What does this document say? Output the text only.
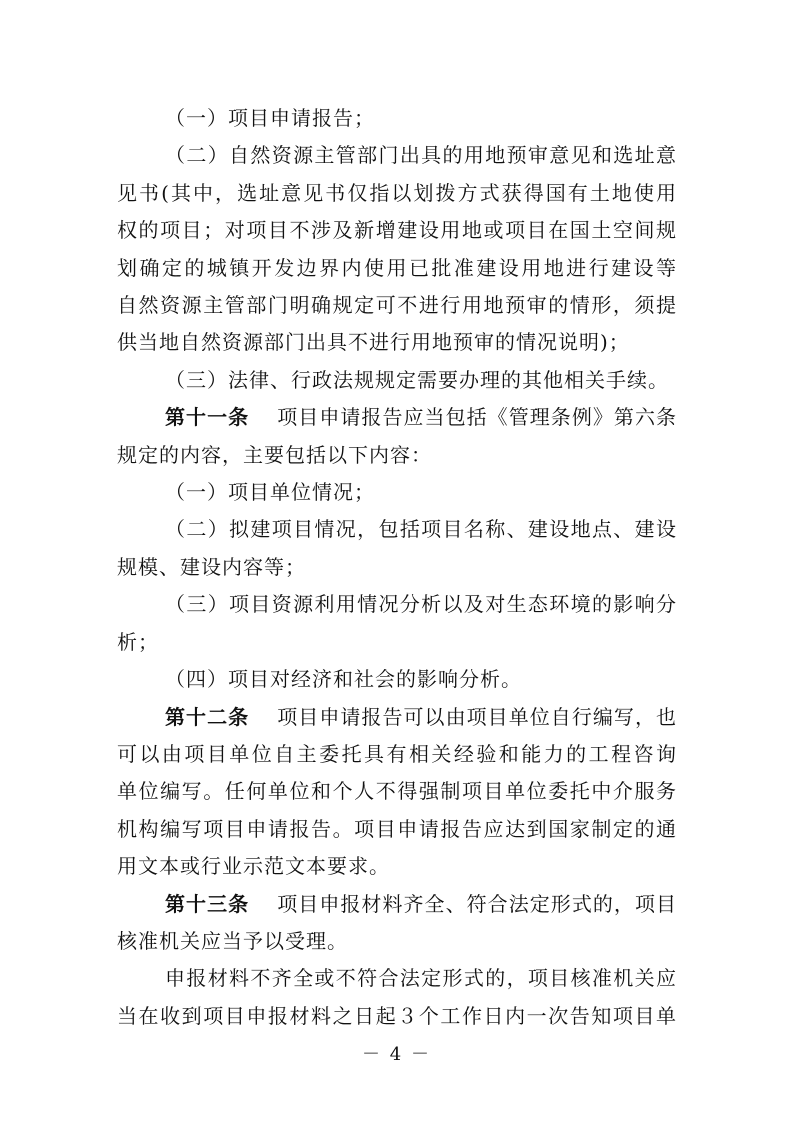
（一）项目申请报告；
（二）自然资源主管部门出具的用地预审意见和选址意
见书(其中，选址意见书仅指以划拨方式获得国有土地使用
权的项目；对项目不涉及新增建设用地或项目在国土空间规
划确定的城镇开发边界内使用已批准建设用地进行建设等
自然资源主管部门明确规定可不进行用地预审的情形，须提
供当地自然资源部门出具不进行用地预审的情况说明)；
（三）法律、行政法规规定需要办理的其他相关手续。
第十一条 项目申请报告应当包括《管理条例》第六条
规定的内容，主要包括以下内容：
（一）项目单位情况；
（二）拟建项目情况，包括项目名称、建设地点、建设
规模、建设内容等；
（三）项目资源利用情况分析以及对生态环境的影响分
析；
（四）项目对经济和社会的影响分析。
第十二条 项目申请报告可以由项目单位自行编写，也
可以由项目单位自主委托具有相关经验和能力的工程咨询
单位编写。任何单位和个人不得强制项目单位委托中介服务
机构编写项目申请报告。项目申请报告应达到国家制定的通
用文本或行业示范文本要求。
第十三条 项目申报材料齐全、符合法定形式的，项目
核准机关应当予以受理。
申报材料不齐全或不符合法定形式的，项目核准机关应
当在收到项目申报材料之日起３个工作日内一次告知项目单
－ 4 －
